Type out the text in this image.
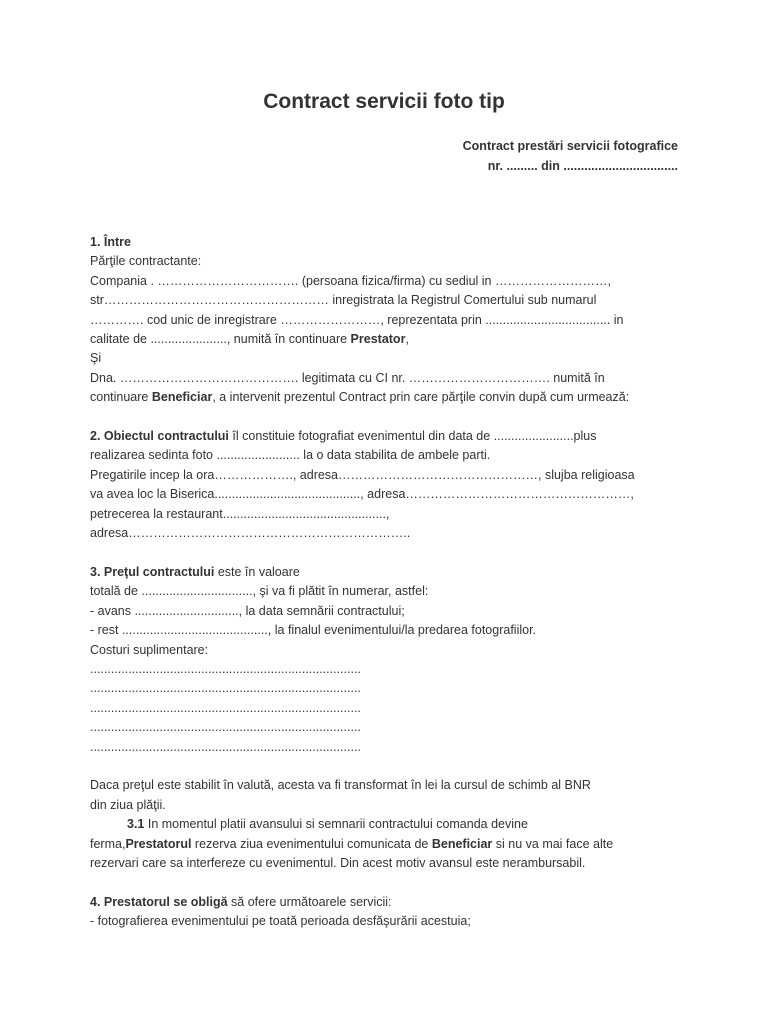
Contract servicii foto tip
Contract prestări servicii fotografice
nr. ......... din .................................

1. Între

Părţile contractante:

Compania . ……………………………. (persoana fizica/firma) cu sediul in ………………………,

str……………………………………………… inregistrata la Registrul Comertului sub numarul

…………. cod unic de inregistrare ……………………, reprezentata prin .................................... in

calitate de ......................, numită în continuare Prestator,

Şi

Dna. ……………………………………. legitimata cu CI nr. ……………………………. numită în

continuare Beneficiar, a intervenit prezentul Contract prin care părţile convin după cum urmează:

2. Obiectul contractului îl constituie fotografiat evenimentul din data de .......................plus

realizarea sedinta foto ........................ la o data stabilita de ambele parti.

Pregatirile incep la ora………………., adresa…………………………………………, slujba religioasa

va avea loc la Biserica.........................................., adresa………………………………………………,

petrecerea la restaurant...............................................,

adresa…………………………………………………………..

3. Preţul contractului este în valoare

totală de ................................, şi va fi plătit în numerar, astfel:

- avans .............................., la data semnării contractului;

- rest .........................................., la finalul evenimentului/la predarea fotografiilor.

Costuri suplimentare:

..............................................................................

..............................................................................

..............................................................................

..............................................................................

..............................................................................

Daca preţul este stabilit în valută, acesta va fi transformat în lei la cursul de schimb al BNR

din ziua plăţii.

3.1 In momentul platii avansului si semnarii contractului comanda devine

ferma,Prestatorul rezerva ziua evenimentului comunicata de Beneficiar si nu va mai face alte

rezervari care sa interfereze cu evenimentul. Din acest motiv avansul este nerambursabil.

4. Prestatorul se obligă să ofere următoarele servicii:

- fotografierea evenimentului pe toată perioada desfăşurării acestuia;
